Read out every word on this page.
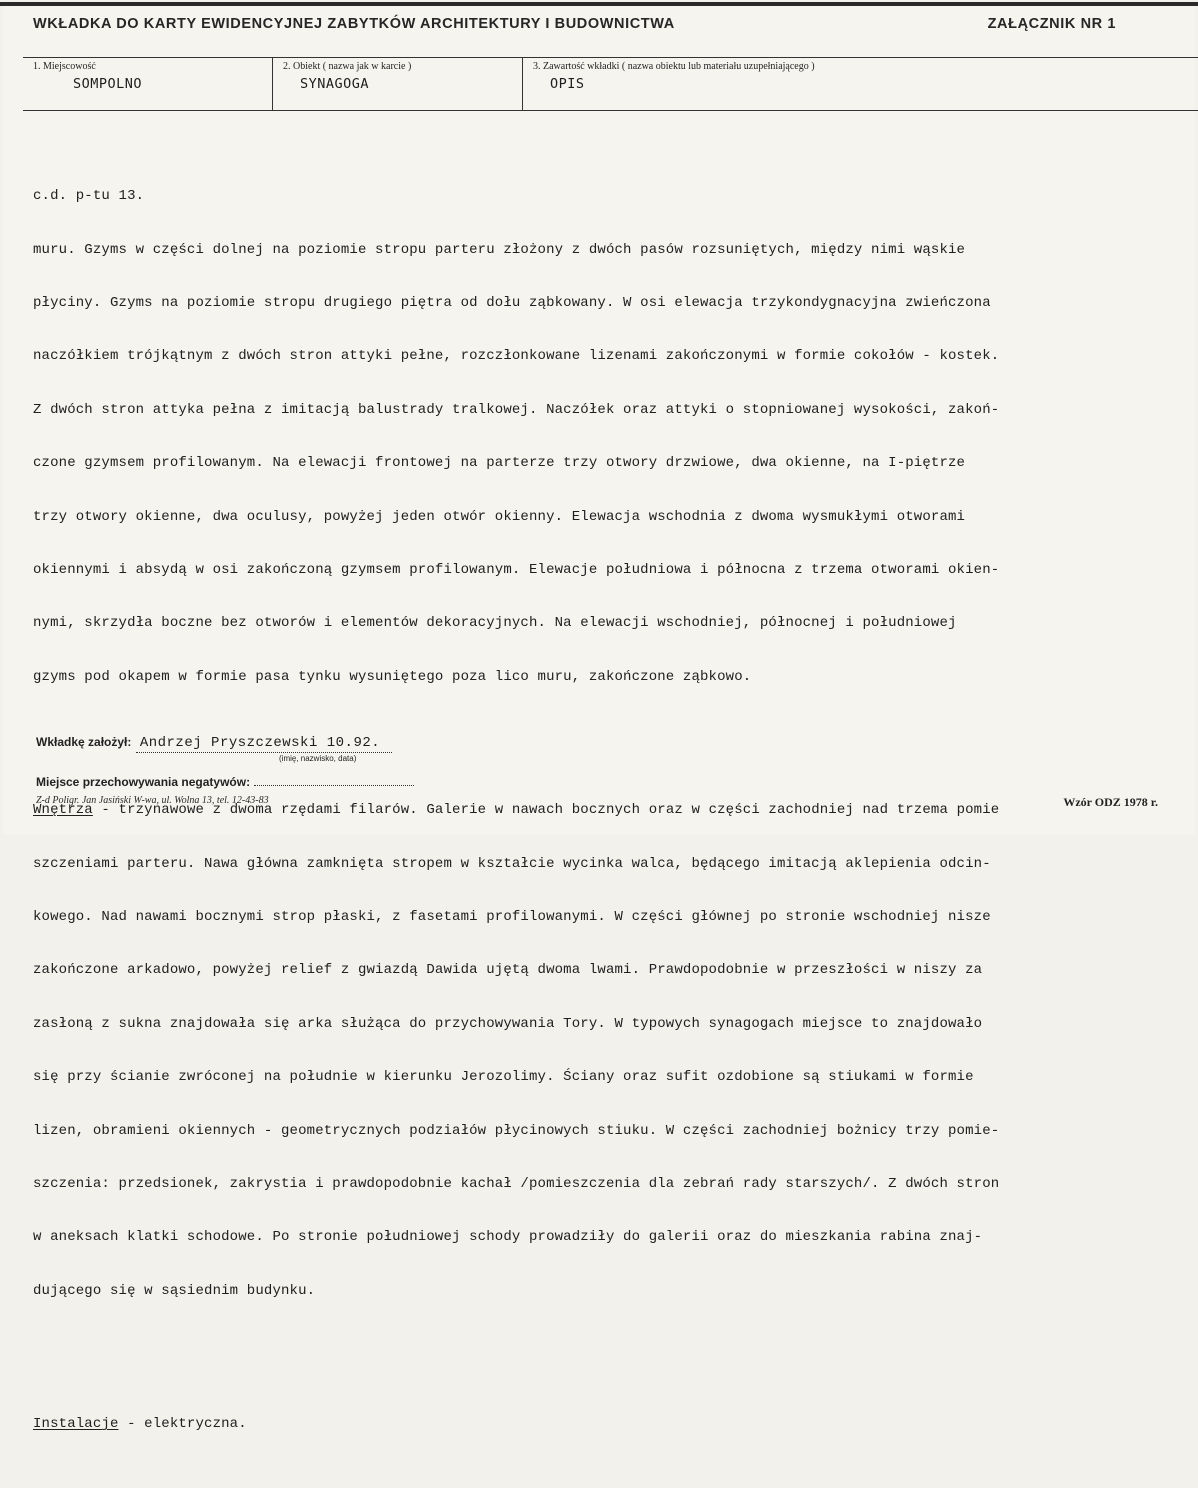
WKŁADKA DO KARTY EWIDENCYJNEJ ZABYTKÓW ARCHITEKTURY I BUDOWNICTWA	ZAŁĄCZNIK NR 1
1. Miejscowość
SOMPOLNO
2. Obiekt ( nazwa jak w karcie )
SYNAGOGA
3. Zawartość wkładki ( nazwa obiektu lub materiału uzupełniającego )
OPIS

c.d. p-tu 13.

muru. Gzyms w części dolnej na poziomie stropu parteru złożony z dwóch pasów rozsuniętych, między nimi wąskie

płyciny. Gzyms na poziomie stropu drugiego piętra od dołu ząbkowany. W osi elewacja trzykondygnacyjna zwieńczona

naczółkiem trójkątnym z dwóch stron attyki pełne, rozczłonkowane lizenami zakończonymi w formie cokołów - kostek.

Z dwóch stron attyka pełna z imitacją balustrady tralkowej. Naczółek oraz attyki o stopniowanej wysokości, zakoń-

czone gzymsem profilowanym. Na elewacji frontowej na parterze trzy otwory drzwiowe, dwa okienne, na I-piętrze

trzy otwory okienne, dwa oculusy, powyżej jeden otwór okienny. Elewacja wschodnia z dwoma wysmukłymi otworami

okiennymi i absydą w osi zakończoną gzymsem profilowanym. Elewacje południowa i północna z trzema otworami okien-

nymi, skrzydła boczne bez otworów i elementów dekoracyjnych. Na elewacji wschodniej, północnej i południowej

gzyms pod okapem w formie pasa tynku wysuniętego poza lico muru, zakończone ząbkowo.

Wnętrza - trzynawowe z dwoma rzędami filarów. Galerie w nawach bocznych oraz w części zachodniej nad trzema pomie

szczeniami parteru. Nawa główna zamknięta stropem w kształcie wycinka walca, będącego imitacją aklepienia odcin-

kowego. Nad nawami bocznymi strop płaski, z fasetami profilowanymi. W części głównej po stronie wschodniej nisze

zakończone arkadowo, powyżej relief z gwiazdą Dawida ujętą dwoma lwami. Prawdopodobnie w przeszłości w niszy za

zasłoną z sukna znajdowała się arka służąca do przychowywania Tory. W typowych synagogach miejsce to znajdowało

się przy ścianie zwróconej na południe w kierunku Jerozolimy. Ściany oraz sufit ozdobione są stiukami w formie

lizen, obramieni okiennych - geometrycznych podziałów płycinowych stiuku. W części zachodniej bożnicy trzy pomie-

szczenia: przedsionek, zakrystia i prawdopodobnie kachał /pomieszczenia dla zebrań rady starszych/. Z dwóch stron

w aneksach klatki schodowe. Po stronie południowej schody prowadziły do galerii oraz do mieszkania rabina znaj-

dującego się w sąsiednim budynku.

Instalacje - elektryczna.

Wkładkę założył: Andrzej Pryszczewski 10.92.
(imię, nazwisko, data)
Miejsce przechowywania negatywów:
Z-d Poligr. Jan Jasiński W-wa, ul. Wolna 13, tel. 12-43-83	Wzór ODZ 1978 r.
